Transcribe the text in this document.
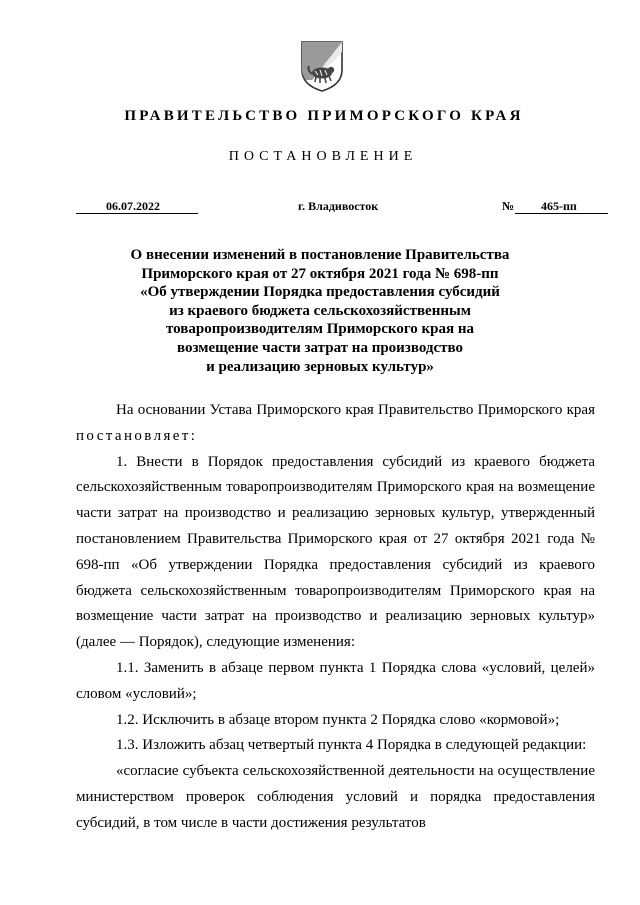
ПРАВИТЕЛЬСТВО ПРИМОРСКОГО КРАЯ
ПОСТАНОВЛЕНИЕ
06.07.2022	г. Владивосток	№	465-пп
О внесении изменений в постановление Правительства
Приморского края от 27 октября 2021 года № 698-пп
«Об утверждении Порядка предоставления субсидий
из краевого бюджета сельскохозяйственным
товаропроизводителям Приморского края на
возмещение части затрат на производство
и реализацию зерновых культур»

На основании Устава Приморского края Правительство Приморского края постановляет:

1. Внести в Порядок предоставления субсидий из краевого бюджета сельскохозяйственным товаропроизводителям Приморского края на возмещение части затрат на производство и реализацию зерновых культур, утвержденный постановлением Правительства Приморского края от 27 октября 2021 года № 698-пп «Об утверждении Порядка предоставления субсидий из краевого бюджета сельскохозяйственным товаропроизводителям Приморского края на возмещение части затрат на производство и реализацию зерновых культур» (далее — Порядок), следующие изменения:

1.1. Заменить в абзаце первом пункта 1 Порядка слова «условий, целей» словом «условий»;

1.2. Исключить в абзаце втором пункта 2 Порядка слово «кормовой»;

1.3. Изложить абзац четвертый пункта 4 Порядка в следующей редакции:

«согласие субъекта сельскохозяйственной деятельности на осуществление министерством проверок соблюдения условий и порядка предоставления субсидий, в том числе в части достижения результатов
